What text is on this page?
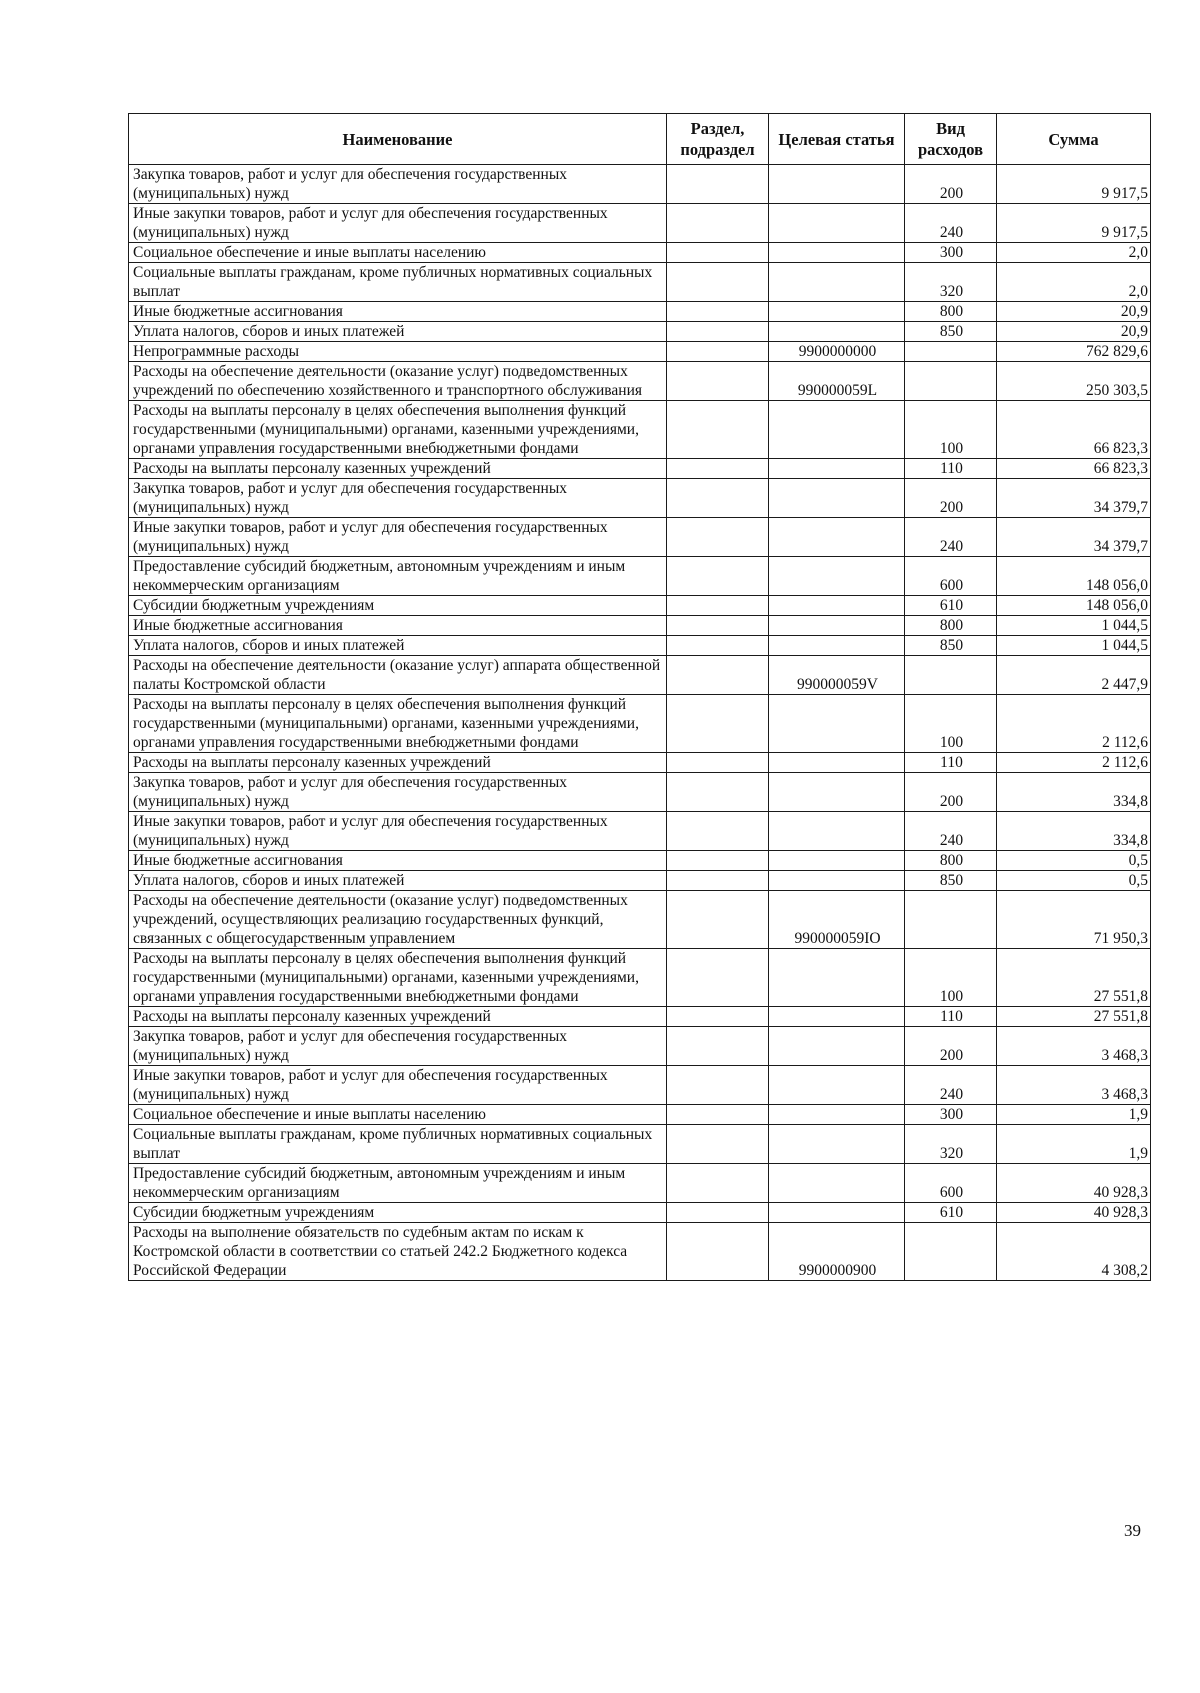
Наименование	Раздел, подраздел	Целевая статья	Вид расходов	Сумма
Закупка товаров, работ и услуг для обеспечения государственных (муниципальных) нужд			200	9 917,5
Иные закупки товаров, работ и услуг для обеспечения государственных (муниципальных) нужд			240	9 917,5
Социальное обеспечение и иные выплаты населению			300	2,0
Социальные выплаты гражданам, кроме публичных нормативных социальных выплат			320	2,0
Иные бюджетные ассигнования			800	20,9
Уплата налогов, сборов и иных платежей			850	20,9
Непрограммные расходы		9900000000		762 829,6
Расходы на обеспечение деятельности (оказание услуг) подведомственных учреждений по обеспечению хозяйственного и транспортного обслуживания		990000059L		250 303,5
Расходы на выплаты персоналу в целях обеспечения выполнения функций государственными (муниципальными) органами, казенными учреждениями, органами управления государственными внебюджетными фондами			100	66 823,3
Расходы на выплаты персоналу казенных учреждений			110	66 823,3
Закупка товаров, работ и услуг для обеспечения государственных (муниципальных) нужд			200	34 379,7
Иные закупки товаров, работ и услуг для обеспечения государственных (муниципальных) нужд			240	34 379,7
Предоставление субсидий бюджетным, автономным учреждениям и иным некоммерческим организациям			600	148 056,0
Субсидии бюджетным учреждениям			610	148 056,0
Иные бюджетные ассигнования			800	1 044,5
Уплата налогов, сборов и иных платежей			850	1 044,5
Расходы на обеспечение деятельности (оказание услуг) аппарата общественной палаты Костромской области		990000059V		2 447,9
Расходы на выплаты персоналу в целях обеспечения выполнения функций государственными (муниципальными) органами, казенными учреждениями, органами управления государственными внебюджетными фондами			100	2 112,6
Расходы на выплаты персоналу казенных учреждений			110	2 112,6
Закупка товаров, работ и услуг для обеспечения государственных (муниципальных) нужд			200	334,8
Иные закупки товаров, работ и услуг для обеспечения государственных (муниципальных) нужд			240	334,8
Иные бюджетные ассигнования			800	0,5
Уплата налогов, сборов и иных платежей			850	0,5
Расходы на обеспечение деятельности (оказание услуг) подведомственных учреждений, осуществляющих реализацию государственных функций, связанных с общегосударственным управлением		990000059IO		71 950,3
Расходы на выплаты персоналу в целях обеспечения выполнения функций государственными (муниципальными) органами, казенными учреждениями, органами управления государственными внебюджетными фондами			100	27 551,8
Расходы на выплаты персоналу казенных учреждений			110	27 551,8
Закупка товаров, работ и услуг для обеспечения государственных (муниципальных) нужд			200	3 468,3
Иные закупки товаров, работ и услуг для обеспечения государственных (муниципальных) нужд			240	3 468,3
Социальное обеспечение и иные выплаты населению			300	1,9
Социальные выплаты гражданам, кроме публичных нормативных социальных выплат			320	1,9
Предоставление субсидий бюджетным, автономным учреждениям и иным некоммерческим организациям			600	40 928,3
Субсидии бюджетным учреждениям			610	40 928,3
Расходы на выполнение обязательств по судебным актам по искам к Костромской области в соответствии со статьей 242.2 Бюджетного кодекса Российской Федерации		9900000900		4 308,2
39
